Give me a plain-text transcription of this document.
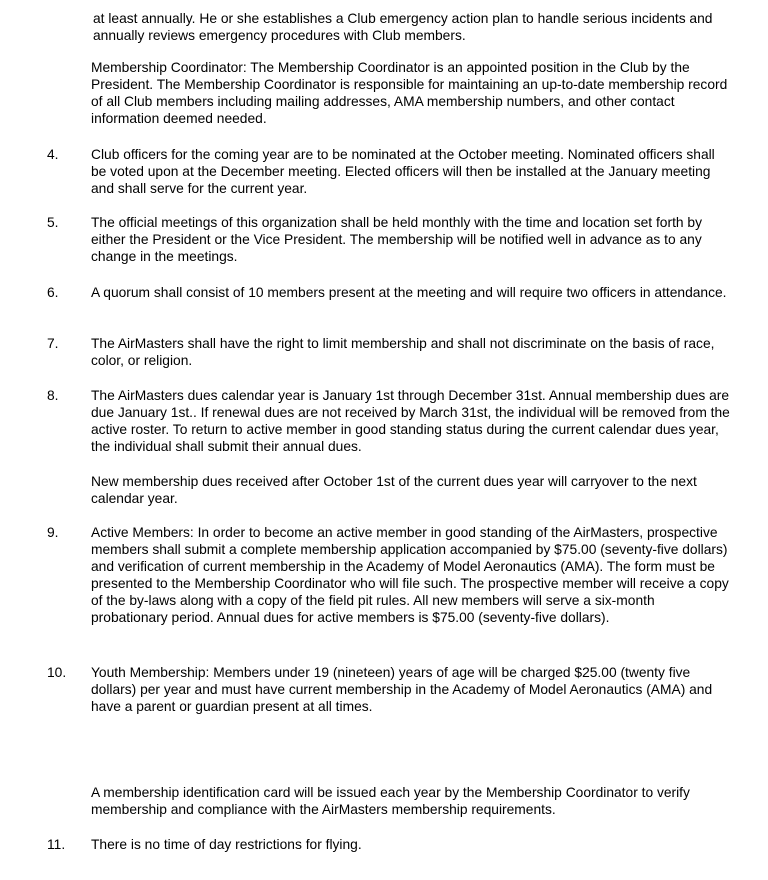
at least annually. He or she establishes a Club emergency action plan to handle serious incidents and annually reviews emergency procedures with Club members.

Membership Coordinator: The Membership Coordinator is an appointed position in the Club by the President. The Membership Coordinator is responsible for maintaining an up-to-date membership record of all Club members including mailing addresses, AMA membership numbers, and other contact information deemed needed.

4. Club officers for the coming year are to be nominated at the October meeting. Nominated officers shall be voted upon at the December meeting. Elected officers will then be installed at the January meeting and shall serve for the current year.

5. The official meetings of this organization shall be held monthly with the time and location set forth by either the President or the Vice President. The membership will be notified well in advance as to any change in the meetings.

6. A quorum shall consist of 10 members present at the meeting and will require two officers in attendance.

7. The AirMasters shall have the right to limit membership and shall not discriminate on the basis of race, color, or religion.

8. The AirMasters dues calendar year is January 1st through December 31st. Annual membership dues are due January 1st.. If renewal dues are not received by March 31st, the individual will be removed from the active roster. To return to active member in good standing status during the current calendar dues year, the individual shall submit their annual dues.

New membership dues received after October 1st of the current dues year will carryover to the next calendar year.

9. Active Members: In order to become an active member in good standing of the AirMasters, prospective members shall submit a complete membership application accompanied by $75.00 (seventy-five dollars) and verification of current membership in the Academy of Model Aeronautics (AMA). The form must be presented to the Membership Coordinator who will file such. The prospective member will receive a copy of the by-laws along with a copy of the field pit rules. All new members will serve a six-month probationary period. Annual dues for active members is $75.00 (seventy-five dollars).

10. Youth Membership: Members under 19 (nineteen) years of age will be charged $25.00 (twenty five dollars) per year and must have current membership in the Academy of Model Aeronautics (AMA) and have a parent or guardian present at all times.

A membership identification card will be issued each year by the Membership Coordinator to verify membership and compliance with the AirMasters membership requirements.

11. There is no time of day restrictions for flying.
